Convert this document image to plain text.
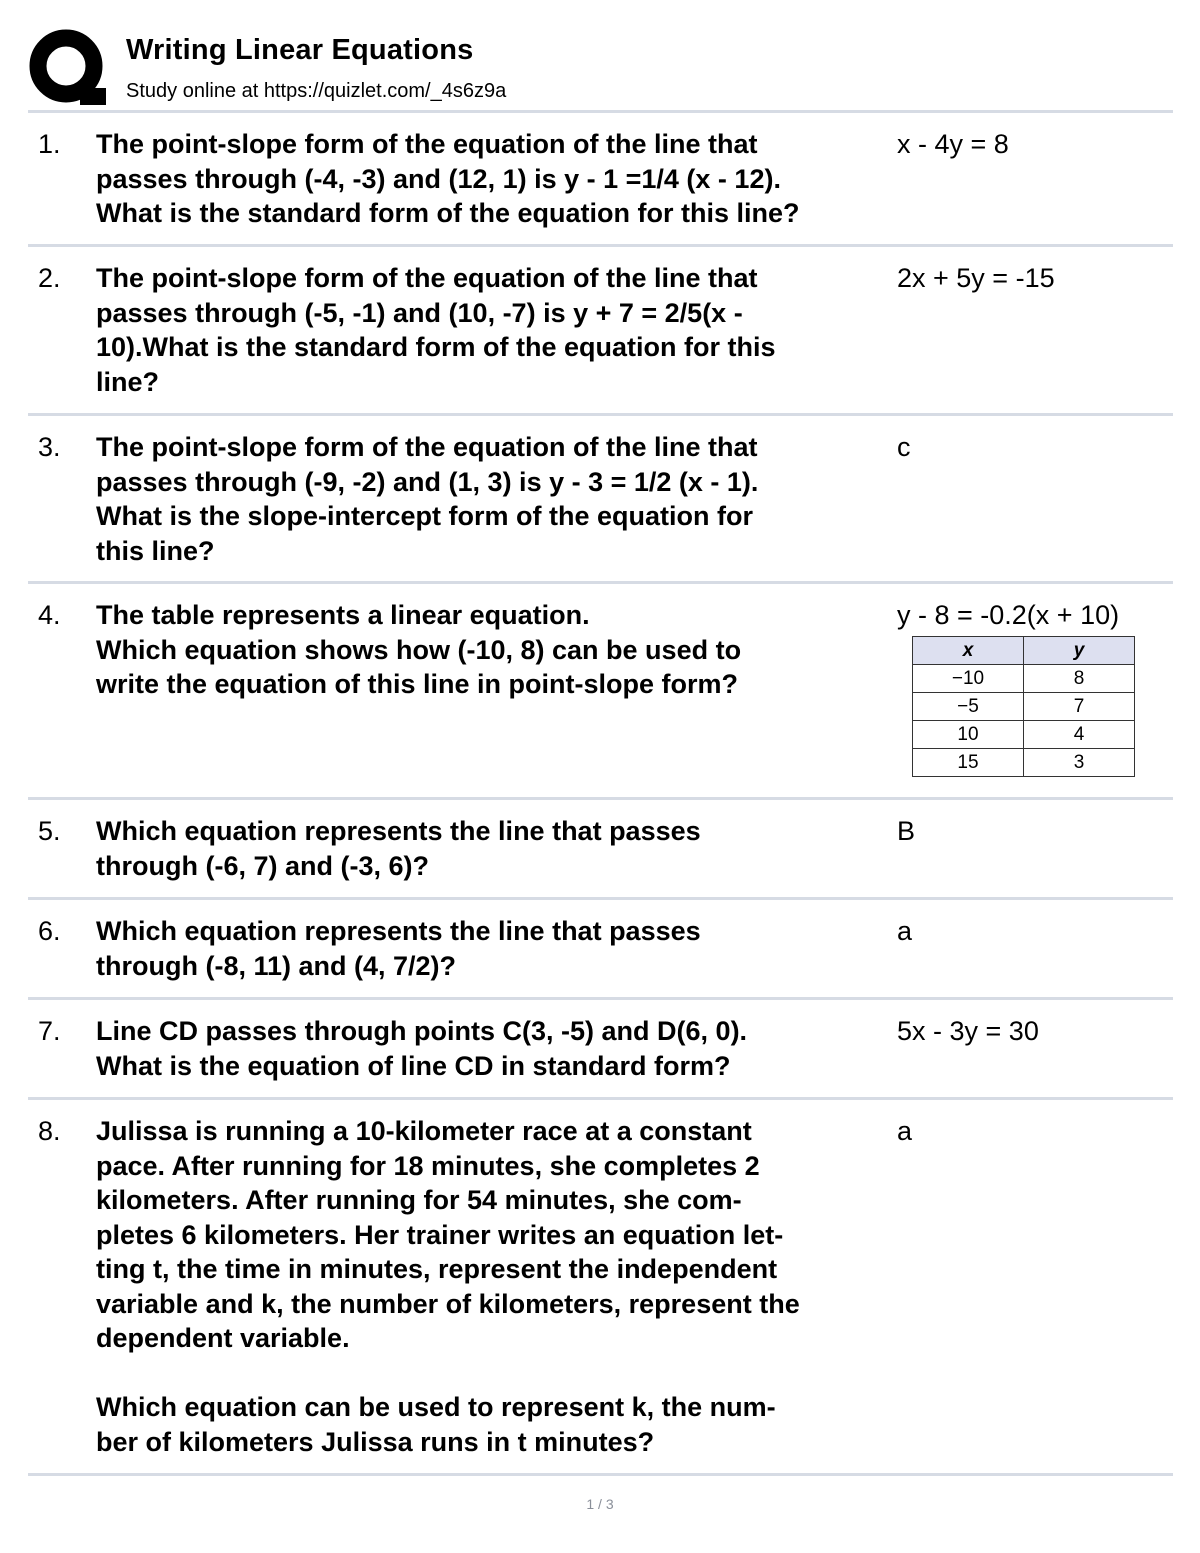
Writing Linear Equations
Study online at https://quizlet.com/_4s6z9a
1. The point-slope form of the equation of the line that
passes through (-4, -3) and (12, 1) is y - 1 =1/4 (x - 12).
What is the standard form of the equation for this line?
x - 4y = 8
2. The point-slope form of the equation of the line that
passes through (-5, -1) and (10, -7) is y + 7 = 2/5(x -
10).What is the standard form of the equation for this
line?
2x + 5y = -15
3. The point-slope form of the equation of the line that
passes through (-9, -2) and (1, 3) is y - 3 = 1/2 (x - 1).
What is the slope-intercept form of the equation for
this line?
c
4. The table represents a linear equation.
Which equation shows how (-10, 8) can be used to
write the equation of this line in point-slope form?
y - 8 = -0.2(x + 10)
x	y
−10	8
−5	7
10	4
15	3
5. Which equation represents the line that passes
through (-6, 7) and (-3, 6)?
B
6. Which equation represents the line that passes
through (-8, 11) and (4, 7/2)?
a
7. Line CD passes through points C(3, -5) and D(6, 0).
What is the equation of line CD in standard form?
5x - 3y = 30
8. Julissa is running a 10-kilometer race at a constant
pace. After running for 18 minutes, she completes 2
kilometers. After running for 54 minutes, she com-
pletes 6 kilometers. Her trainer writes an equation let-
ting t, the time in minutes, represent the independent
variable and k, the number of kilometers, represent the
dependent variable.

Which equation can be used to represent k, the num-
ber of kilometers Julissa runs in t minutes?
a
1 / 3
